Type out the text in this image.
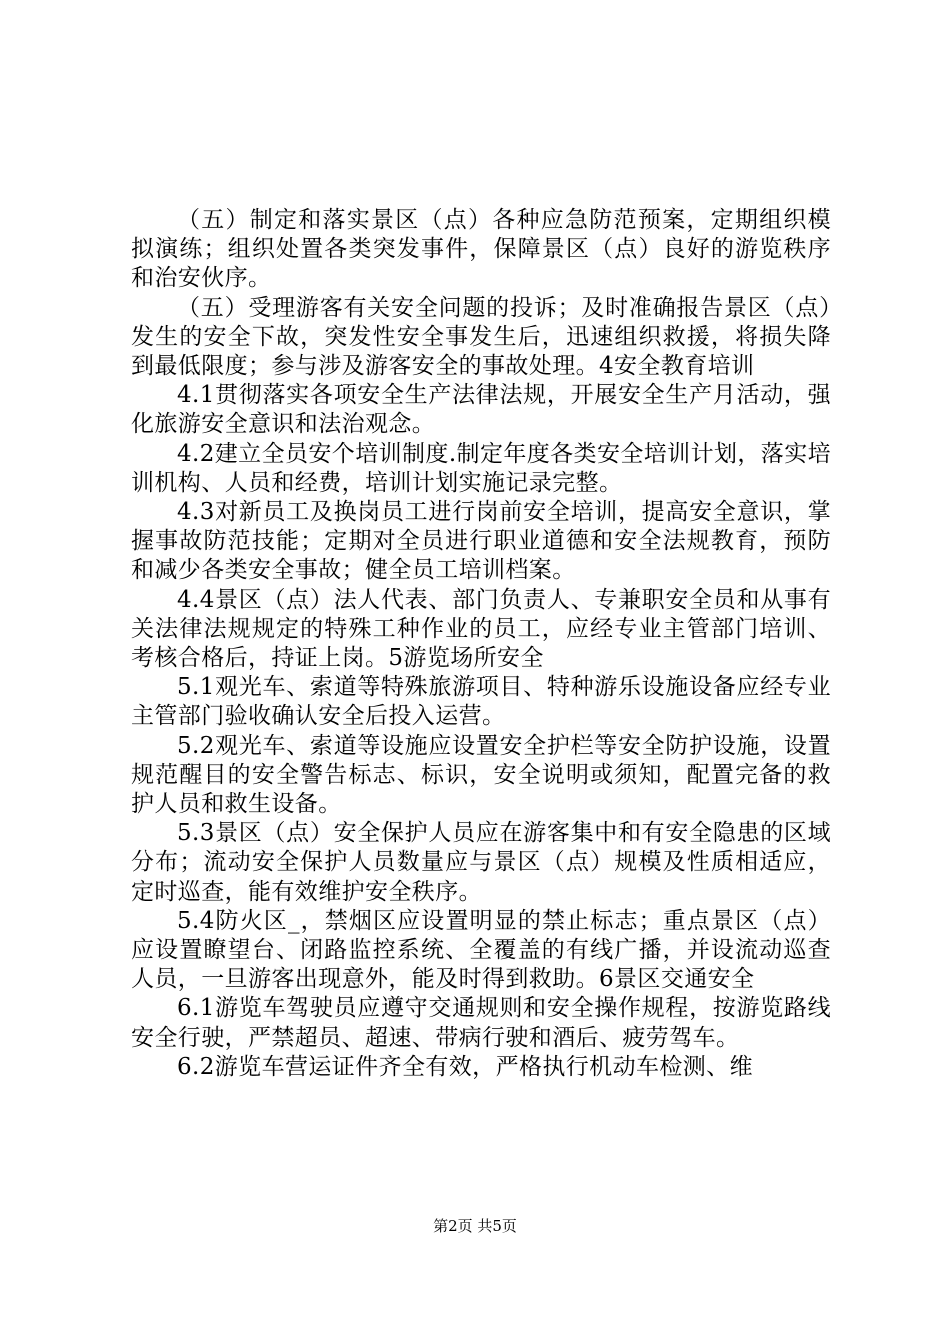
（五）制定和落实景区（点）各种应急防范预案，定期组织模拟演练；组织处置各类突发事件，保障景区（点）良好的游览秩序和治安伙序。

（五）受理游客有关安全问题的投诉；及时准确报告景区（点）发生的安全下故，突发性安全事发生后，迅速组织救援，将损失降到最低限度；参与涉及游客安全的事故处理。4安全教育培训

4.1贯彻落实各项安全生产法律法规，开展安全生产月活动，强化旅游安全意识和法治观念。

4.2建立全员安个培训制度.制定年度各类安全培训计划，落实培训机构、人员和经费，培训计划实施记录完整。

4.3对新员工及换岗员工进行岗前安全培训，提高安全意识，掌握事故防范技能；定期对全员进行职业道德和安全法规教育，预防和减少各类安全事故；健全员工培训档案。

4.4景区（点）法人代表、部门负责人、专兼职安全员和从事有关法律法规规定的特殊工种作业的员工，应经专业主管部门培训、考核合格后，持证上岗。5游览场所安全

5.1观光车、索道等特殊旅游项目、特种游乐设施设备应经专业主管部门验收确认安全后投入运营。

5.2观光车、索道等设施应设置安全护栏等安全防护设施，设置规范醒目的安全警告标志、标识，安全说明或须知，配置完备的救护人员和救生设备。

5.3景区（点）安全保护人员应在游客集中和有安全隐患的区域分布；流动安全保护人员数量应与景区（点）规模及性质相适应，定时巡查，能有效维护安全秩序。

5.4防火区_，禁烟区应设置明显的禁止标志；重点景区（点）应设置瞭望台、闭路监控系统、全覆盖的有线广播，并设流动巡查人员，一旦游客出现意外，能及时得到救助。6景区交通安全

6.1游览车驾驶员应遵守交通规则和安全操作规程，按游览路线安全行驶，严禁超员、超速、带病行驶和酒后、疲劳驾车。

6.2游览车营运证件齐全有效，严格执行机动车检测、维

第2页 共5页
